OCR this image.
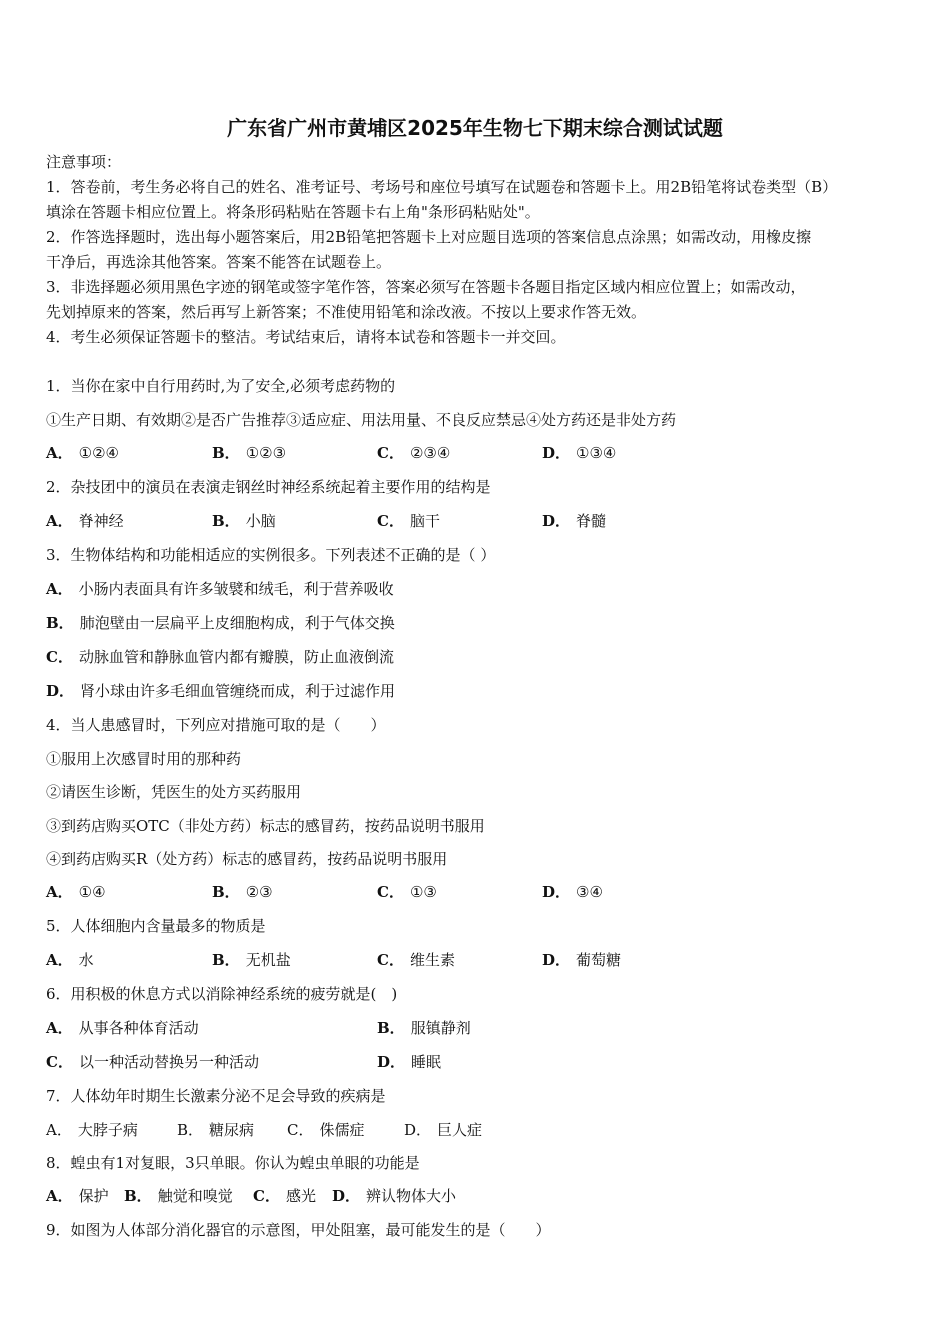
广东省广州市黄埔区2025年生物七下期末综合测试试题
注意事项：
1．答卷前，考生务必将自己的姓名、准考证号、考场号和座位号填写在试题卷和答题卡上。用2B铅笔将试卷类型（B）
填涂在答题卡相应位置上。将条形码粘贴在答题卡右上角"条形码粘贴处"。
2．作答选择题时，选出每小题答案后，用2B铅笔把答题卡上对应题目选项的答案信息点涂黑；如需改动，用橡皮擦
干净后，再选涂其他答案。答案不能答在试题卷上。
3．非选择题必须用黑色字迹的钢笔或签字笔作答，答案必须写在答题卡各题目指定区域内相应位置上；如需改动，
先划掉原来的答案，然后再写上新答案；不准使用铅笔和涂改液。不按以上要求作答无效。
4．考生必须保证答题卡的整洁。考试结束后，请将本试卷和答题卡一并交回。
1．当你在家中自行用药时,为了安全,必须考虑药物的
①生产日期、有效期②是否广告推荐③适应症、用法用量、不良反应禁忌④处方药还是非处方药
A． ①②④	B． ①②③	C． ②③④	D． ①③④
2．杂技团中的演员在表演走钢丝时神经系统起着主要作用的结构是
A． 脊神经	B． 小脑	C． 脑干	D． 脊髓
3．生物体结构和功能相适应的实例很多。下列表述不正确的是（ ）
A． 小肠内表面具有许多皱襞和绒毛，利于营养吸收
B． 肺泡壁由一层扁平上皮细胞构成，利于气体交换
C． 动脉血管和静脉血管内都有瓣膜，防止血液倒流
D． 肾小球由许多毛细血管缠绕而成，利于过滤作用
4．当人患感冒时，下列应对措施可取的是（　　）
①服用上次感冒时用的那种药
②请医生诊断，凭医生的处方买药服用
③到药店购买OTC（非处方药）标志的感冒药，按药品说明书服用
④到药店购买R（处方药）标志的感冒药，按药品说明书服用
A． ①④	B． ②③	C． ①③	D． ③④
5．人体细胞内含量最多的物质是
A． 水	B． 无机盐	C． 维生素	D． 葡萄糖
6．用积极的休息方式以消除神经系统的疲劳就是(　)
A． 从事各种体育活动	B． 服镇静剂
C． 以一种活动替换另一种活动	D． 睡眠
7．人体幼年时期生长激素分泌不足会导致的疾病是
A． 大脖子病	B． 糖尿病 C． 侏儒症	D． 巨人症
8．蝗虫有1对复眼，3只单眼。你认为蝗虫单眼的功能是
A． 保护 B． 触觉和嗅觉 C． 感光 D． 辨认物体大小
9．如图为人体部分消化器官的示意图，甲处阻塞，最可能发生的是（　　）
